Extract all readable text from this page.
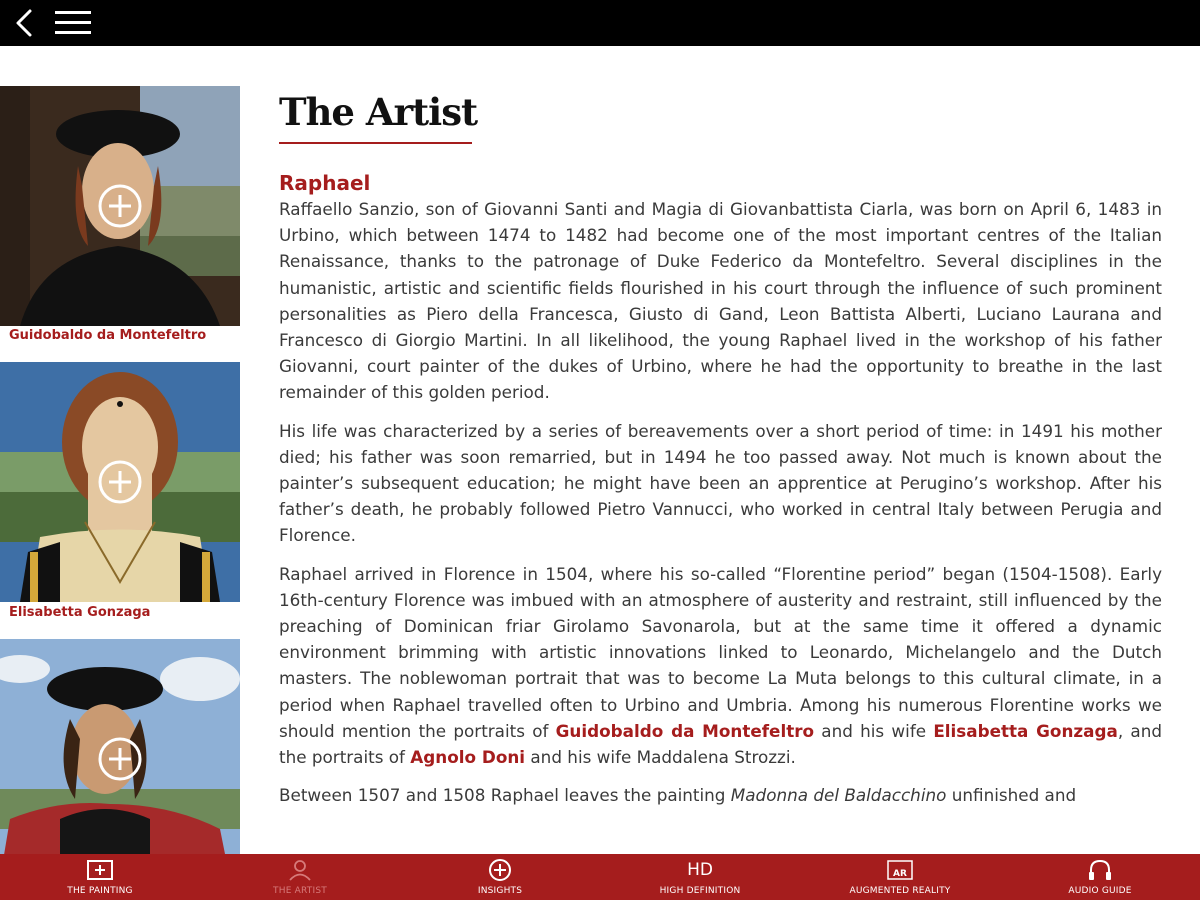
Guidobaldo da Montefeltro
Elisabetta Gonzaga
The Artist
Raphael

Raffaello Sanzio, son of Giovanni Santi and Magia di Giovanbattista Ciarla, was born on April 6, 1483 in Urbino, which between 1474 to 1482 had become one of the most important centres of the Italian Renaissance, thanks to the patronage of Duke Federico da Montefeltro. Several disciplines in the humanistic, artistic and scientific fields flourished in his court through the influence of such prominent personalities as Piero della Francesca, Giusto di Gand, Leon Battista Alberti, Luciano Laurana and Francesco di Giorgio Martini. In all likelihood, the young Raphael lived in the workshop of his father Giovanni, court painter of the dukes of Urbino, where he had the opportunity to breathe in the last remainder of this golden period.

His life was characterized by a series of bereavements over a short period of time: in 1491 his mother died; his father was soon remarried, but in 1494 he too passed away. Not much is known about the painter’s subsequent education; he might have been an apprentice at Perugino’s workshop. After his father’s death, he probably followed Pietro Vannucci, who worked in central Italy between Perugia and Florence.

Raphael arrived in Florence in 1504, where his so-called “Florentine period” began (1504-1508). Early 16th-century Florence was imbued with an atmosphere of austerity and restraint, still influenced by the preaching of Dominican friar Girolamo Savonarola, but at the same time it offered a dynamic environment brimming with artistic innovations linked to Leonardo, Michelangelo and the Dutch masters. The noblewoman portrait that was to become La Muta belongs to this cultural climate, in a period when Raphael travelled often to Urbino and Umbria. Among his numerous Florentine works we should mention the portraits of Guidobaldo da Montefeltro and his wife Elisabetta Gonzaga, and the portraits of Agnolo Doni and his wife Maddalena Strozzi.

Between 1507 and 1508 Raphael leaves the painting Madonna del Baldacchino unfinished and

THE PAINTING	THE ARTIST	INSIGHTS
HD
HIGH DEFINITION
AR
AUGMENTED REALITY	AUDIO GUIDE
